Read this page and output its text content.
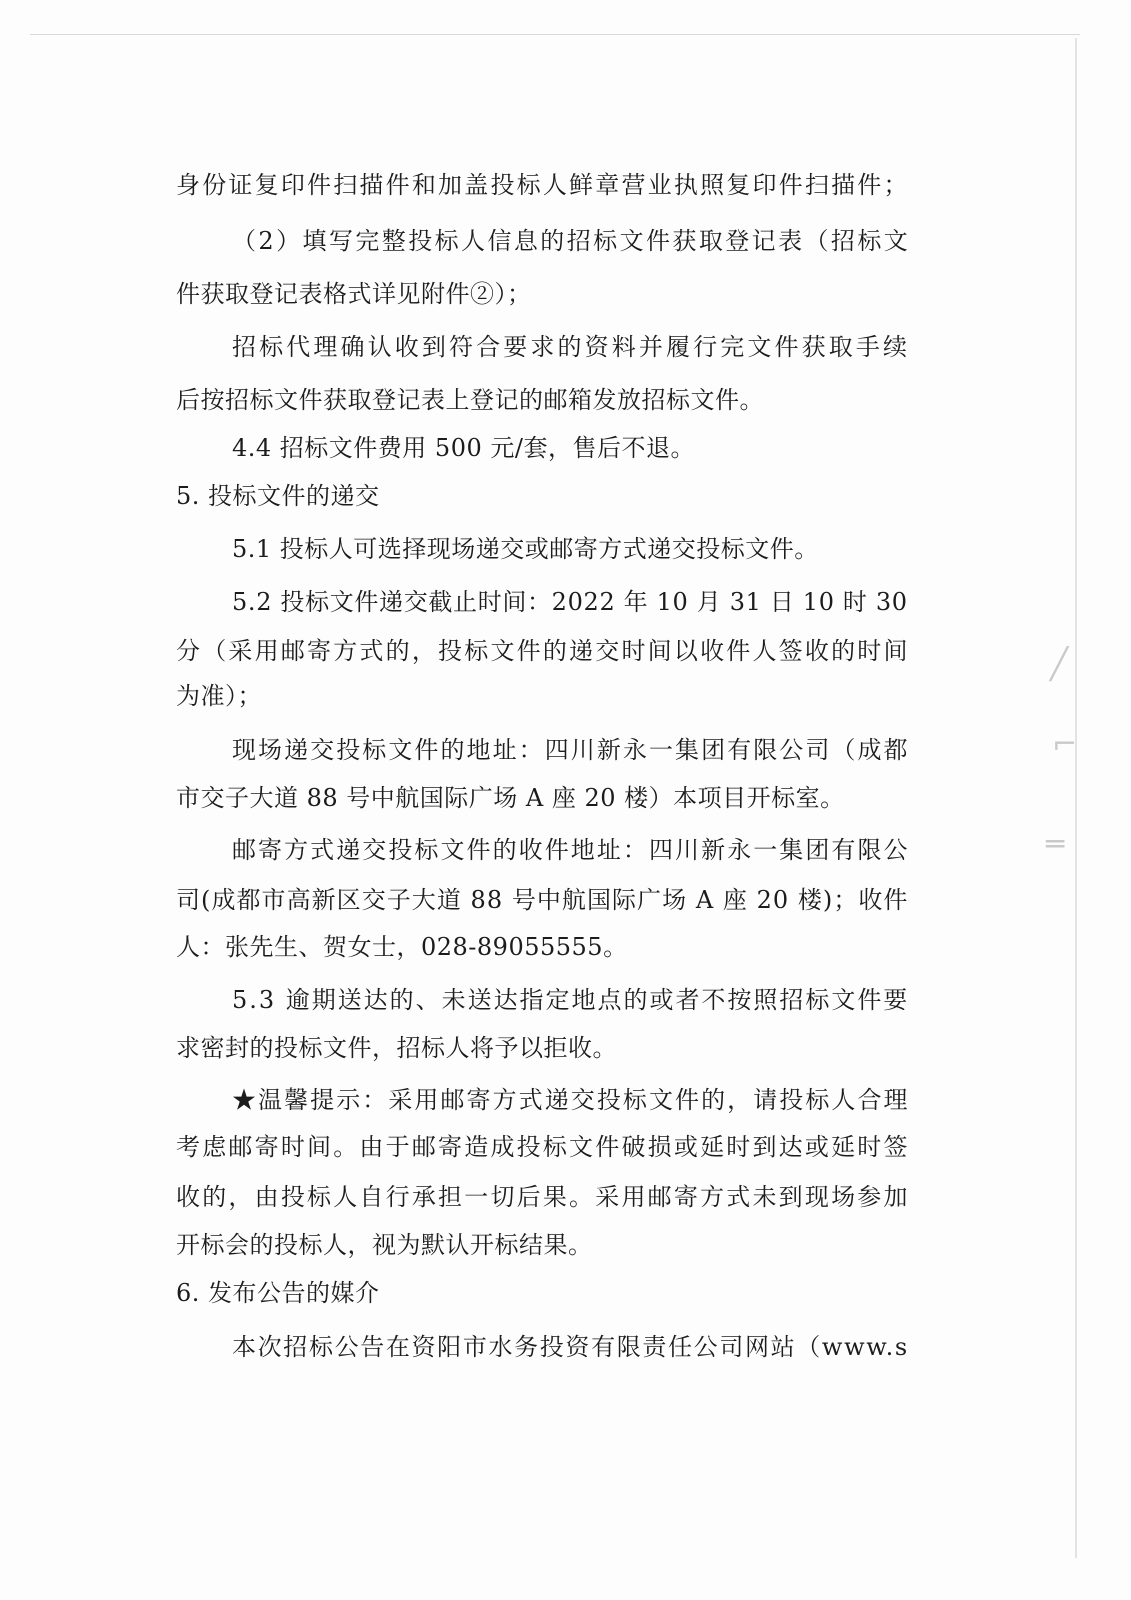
╱
⌐
═
身份证复印件扫描件和加盖投标人鲜章营业执照复印件扫描件；
（2）填写完整投标人信息的招标文件获取登记表（招标文
件获取登记表格式详见附件②）；
招标代理确认收到符合要求的资料并履行完文件获取手续
后按招标文件获取登记表上登记的邮箱发放招标文件。
4.4 招标文件费用 500 元/套，售后不退。
5. 投标文件的递交
5.1 投标人可选择现场递交或邮寄方式递交投标文件。
5.2 投标文件递交截止时间：2022 年 10 月 31 日 10 时 30
分（采用邮寄方式的，投标文件的递交时间以收件人签收的时间
为准）；
现场递交投标文件的地址：四川新永一集团有限公司（成都
市交子大道 88 号中航国际广场 A 座 20 楼）本项目开标室。
邮寄方式递交投标文件的收件地址：四川新永一集团有限公
司(成都市高新区交子大道 88 号中航国际广场 A 座 20 楼)；收件
人：张先生、贺女士，028-89055555。
5.3 逾期送达的、未送达指定地点的或者不按照招标文件要
求密封的投标文件，招标人将予以拒收。
★温馨提示：采用邮寄方式递交投标文件的，请投标人合理
考虑邮寄时间。由于邮寄造成投标文件破损或延时到达或延时签
收的，由投标人自行承担一切后果。采用邮寄方式未到现场参加
开标会的投标人，视为默认开标结果。
6. 发布公告的媒介
本次招标公告在资阳市水务投资有限责任公司网站（www.s
